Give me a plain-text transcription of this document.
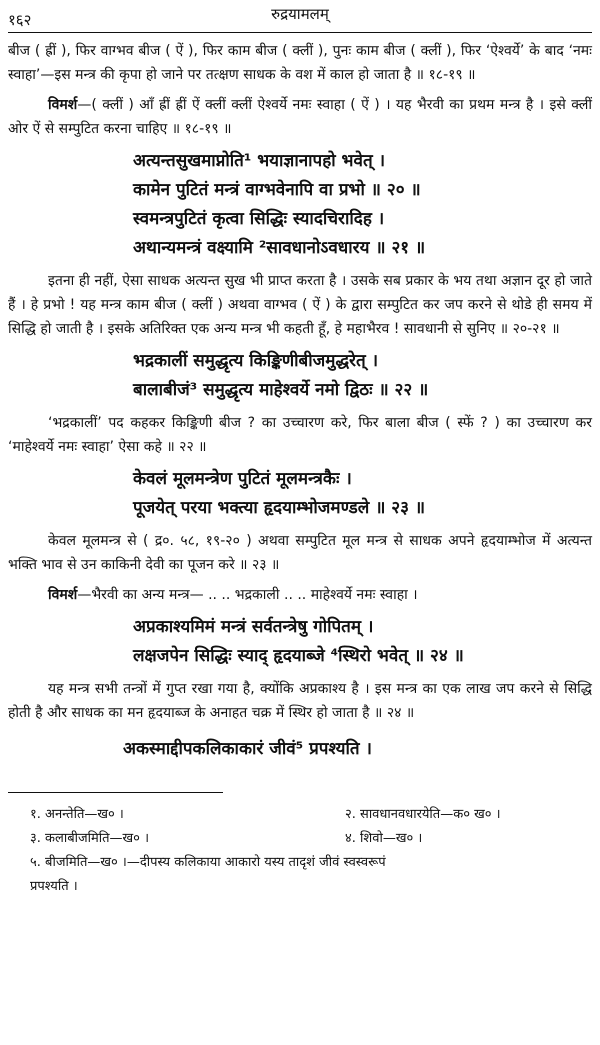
१६२	रुद्रयामलम्

बीज ( ह्रीं ), फिर वाग्भव बीज ( ऐं ), फिर काम बीज ( क्लीं ), पुनः काम बीज ( क्लीं ), फिर ‘ऐश्वर्ये’ के बाद ‘नमः स्वाहा’—इस मन्त्र की कृपा हो जाने पर तत्क्षण साधक के वश में काल हो जाता है ॥ १८-१९ ॥

विमर्श—( क्लीं ) आँ ह्रीं ह्रीं ऐं क्लीं क्लीं ऐश्वर्ये नमः स्वाहा ( ऐं ) । यह भैरवी का प्रथम मन्त्र है । इसे क्लीं ओर ऐं से सम्पुटित करना चाहिए ॥ १८-१९ ॥

अत्यन्तसुखमाप्नोति¹ भयाज्ञानापहो भवेत् ।
कामेन पुटितं मन्त्रं वाग्भवेनापि वा प्रभो ॥ २० ॥
स्वमन्त्रपुटितं कृत्वा सिद्धिः स्यादचिरादिह ।
अथान्यमन्त्रं वक्ष्यामि ²सावधानोऽवधारय ॥ २१ ॥

इतना ही नहीं, ऐसा साधक अत्यन्त सुख भी प्राप्त करता है । उसके सब प्रकार के भय तथा अज्ञान दूर हो जाते हैं । हे प्रभो ! यह मन्त्र काम बीज ( क्लीं ) अथवा वाग्भव ( ऐं ) के द्वारा सम्पुटित कर जप करने से थोडे ही समय में सिद्धि हो जाती है । इसके अतिरिक्त एक अन्य मन्त्र भी कहती हूँ, हे महाभैरव ! सावधानी से सुनिए ॥ २०-२१ ॥

भद्रकालीं समुद्धृत्य किङ्किणीबीजमुद्धरेत् ।
बालाबीजं³ समुद्धृत्य माहेश्वर्ये नमो द्विठः ॥ २२ ॥

‘भद्रकालीं’ पद कहकर किङ्किणी बीज ? का उच्चारण करे, फिर बाला बीज ( स्फें ? ) का उच्चारण कर ‘माहेश्वर्ये नमः स्वाहा’ ऐसा कहे ॥ २२ ॥

केवलं मूलमन्त्रेण पुटितं मूलमन्त्रकैः ।
पूजयेत् परया भक्त्या हृदयाम्भोजमण्डले ॥ २३ ॥

केवल मूलमन्त्र से ( द्र०. ५८, १९-२० ) अथवा सम्पुटित मूल मन्त्र से साधक अपने हृदयाम्भोज में अत्यन्त भक्ति भाव से उन काकिनी देवी का पूजन करे ॥ २३ ॥

विमर्श—भैरवी का अन्य मन्त्र— .. .. भद्रकाली .. .. माहेश्वर्ये नमः स्वाहा ।

अप्रकाश्यमिमं मन्त्रं सर्वतन्त्रेषु गोपितम् ।
लक्षजपेन सिद्धिः स्याद् हृदयाब्जे ⁴स्थिरो भवेत् ॥ २४ ॥

यह मन्त्र सभी तन्त्रों में गुप्त रखा गया है, क्योंकि अप्रकाश्य है । इस मन्त्र का एक लाख जप करने से सिद्धि होती है और साधक का मन हृदयाब्ज के अनाहत चक्र में स्थिर हो जाता है ॥ २४ ॥

अकस्माद्दीपकलिकाकारं जीवं⁵ प्रपश्यति ।
१. अनन्तेति—ख० ।	२. सावधानवधारयेति—क० ख० ।
३. कलाबीजमिति—ख० ।	४. शिवो—ख० ।
५. बीजमिति—ख० ।—दीपस्य कलिकाया आकारो यस्य तादृशं जीवं स्वस्वरूपं
प्रपश्यति ।
